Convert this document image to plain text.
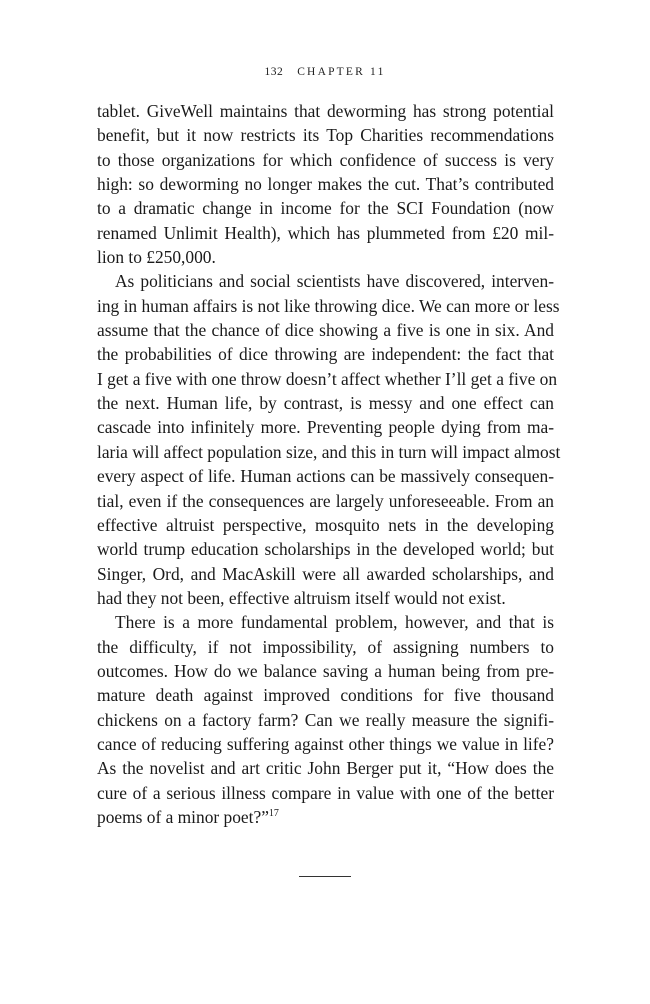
132 CHAPTER 11
tablet. GiveWell maintains that deworming has strong potential
benefit, but it now restricts its Top Charities recommendations
to those organizations for which confidence of success is very
high: so deworming no longer makes the cut. That’s contributed
to a dramatic change in income for the SCI Foundation (now
renamed Unlimit Health), which has plummeted from £20 mil-
lion to £250,000.
As politicians and social scientists have discovered, interven-
ing in human affairs is not like throwing dice. We can more or less
assume that the chance of dice showing a five is one in six. And
the probabilities of dice throwing are independent: the fact that
I get a five with one throw doesn’t affect whether I’ll get a five on
the next. Human life, by contrast, is messy and one effect can
cascade into infinitely more. Preventing people dying from ma-
laria will affect population size, and this in turn will impact almost
every aspect of life. Human actions can be massively consequen-
tial, even if the consequences are largely unforeseeable. From an
effective altruist perspective, mosquito nets in the developing
world trump education scholarships in the developed world; but
Singer, Ord, and MacAskill were all awarded scholarships, and
had they not been, effective altruism itself would not exist.
There is a more fundamental problem, however, and that is
the difficulty, if not impossibility, of assigning numbers to
outcomes. How do we balance saving a human being from pre-
mature death against improved conditions for five thousand
chickens on a factory farm? Can we really measure the signifi-
cance of reducing suffering against other things we value in life?
As the novelist and art critic John Berger put it, “How does the
cure of a serious illness compare in value with one of the better
poems of a minor poet?”$^{17}$
